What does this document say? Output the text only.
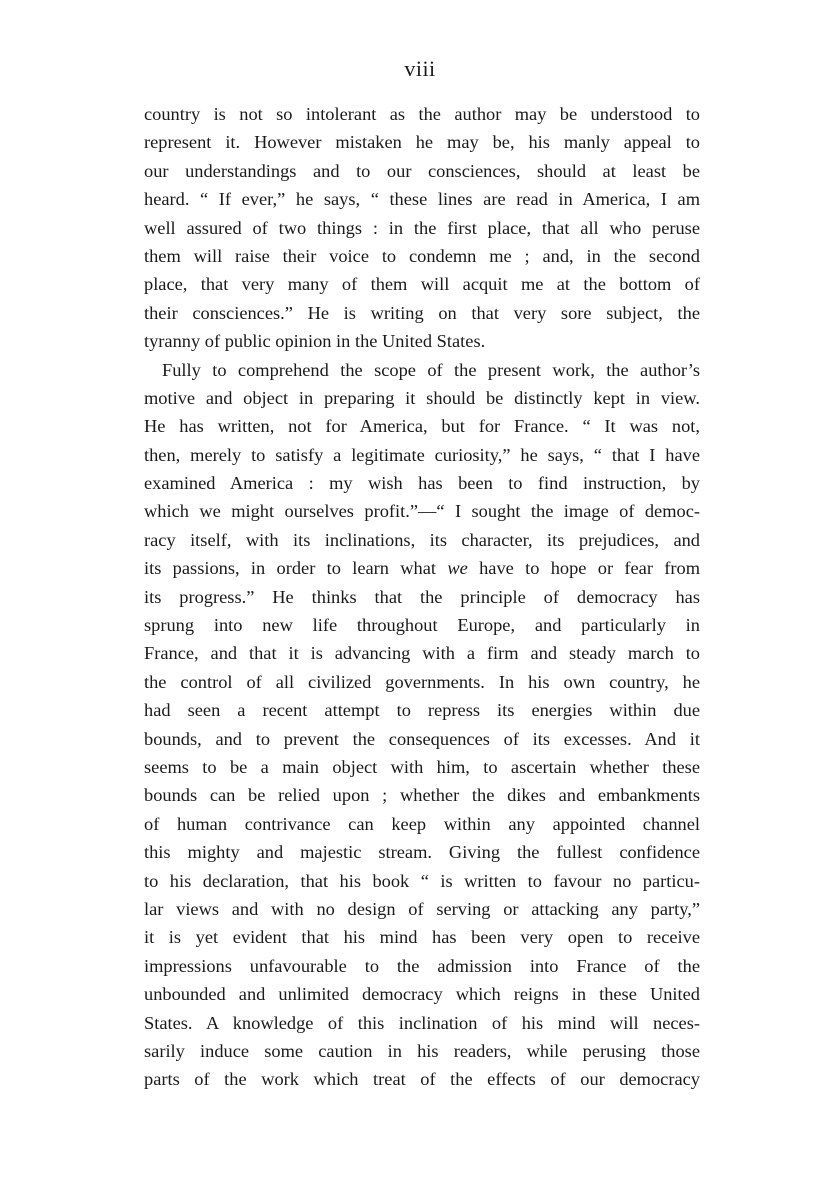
viii
country is not so intolerant as the author may be understood to
represent it. However mistaken he may be, his manly appeal to
our understandings and to our consciences, should at least be
heard. “ If ever,” he says, “ these lines are read in America, I am
well assured of two things : in the first place, that all who peruse
them will raise their voice to condemn me ; and, in the second
place, that very many of them will acquit me at the bottom of
their consciences.” He is writing on that very sore subject, the
tyranny of public opinion in the United States.
Fully to comprehend the scope of the present work, the author’s
motive and object in preparing it should be distinctly kept in view.
He has written, not for America, but for France. “ It was not,
then, merely to satisfy a legitimate curiosity,” he says, “ that I have
examined America : my wish has been to find instruction, by
which we might ourselves profit.”—“ I sought the image of democ-
racy itself, with its inclinations, its character, its prejudices, and
its passions, in order to learn what we have to hope or fear from
its progress.” He thinks that the principle of democracy has
sprung into new life throughout Europe, and particularly in
France, and that it is advancing with a firm and steady march to
the control of all civilized governments. In his own country, he
had seen a recent attempt to repress its energies within due
bounds, and to prevent the consequences of its excesses. And it
seems to be a main object with him, to ascertain whether these
bounds can be relied upon ; whether the dikes and embankments
of human contrivance can keep within any appointed channel
this mighty and majestic stream. Giving the fullest confidence
to his declaration, that his book “ is written to favour no particu-
lar views and with no design of serving or attacking any party,”
it is yet evident that his mind has been very open to receive
impressions unfavourable to the admission into France of the
unbounded and unlimited democracy which reigns in these United
States. A knowledge of this inclination of his mind will neces-
sarily induce some caution in his readers, while perusing those
parts of the work which treat of the effects of our democracy
